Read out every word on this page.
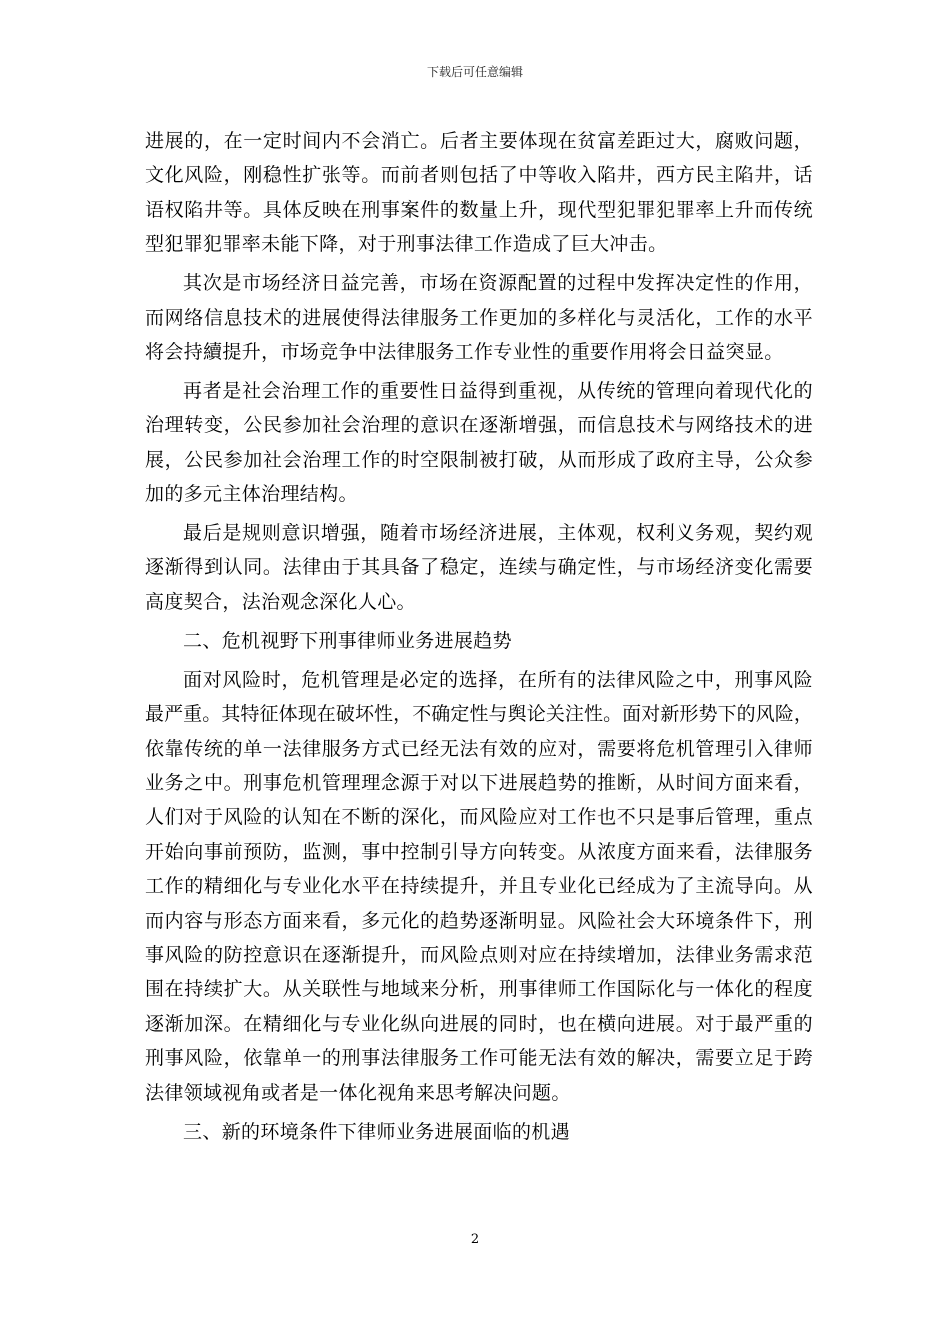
下载后可任意编辑
进展的，在一定时间内不会消亡。后者主要体现在贫富差距过大，腐败问题，
文化风险，刚稳性扩张等。而前者则包括了中等收入陷井，西方民主陷井，话
语权陷井等。具体反映在刑事案件的数量上升，现代型犯罪犯罪率上升而传统
型犯罪犯罪率未能下降，对于刑事法律工作造成了巨大冲击。
其次是市场经济日益完善，市场在资源配置的过程中发挥决定性的作用，
而网络信息技术的进展使得法律服务工作更加的多样化与灵活化，工作的水平
将会持續提升，市场竞争中法律服务工作专业性的重要作用将会日益突显。
再者是社会治理工作的重要性日益得到重视，从传统的管理向着现代化的
治理转变，公民参加社会治理的意识在逐渐增强，而信息技术与网络技术的进
展，公民参加社会治理工作的时空限制被打破，从而形成了政府主导，公众参
加的多元主体治理结构。
最后是规则意识增强，随着市场经济进展，主体观，权利义务观，契约观
逐渐得到认同。法律由于其具备了稳定，连续与确定性，与市场经济变化需要
高度契合，法治观念深化人心。
二、危机视野下刑事律师业务进展趋势
面对风险时，危机管理是必定的选择，在所有的法律风险之中，刑事风险
最严重。其特征体现在破坏性，不确定性与舆论关注性。面对新形势下的风险，
依靠传统的单一法律服务方式已经无法有效的应对，需要将危机管理引入律师
业务之中。刑事危机管理理念源于对以下进展趋势的推断，从时间方面来看，
人们对于风险的认知在不断的深化，而风险应对工作也不只是事后管理，重点
开始向事前预防，监测，事中控制引导方向转变。从浓度方面来看，法律服务
工作的精细化与专业化水平在持续提升，并且专业化已经成为了主流导向。从
而内容与形态方面来看，多元化的趋势逐渐明显。风险社会大环境条件下，刑
事风险的防控意识在逐渐提升，而风险点则对应在持续增加，法律业务需求范
围在持续扩大。从关联性与地域来分析，刑事律师工作国际化与一体化的程度
逐渐加深。在精细化与专业化纵向进展的同时，也在横向进展。对于最严重的
刑事风险，依靠单一的刑事法律服务工作可能无法有效的解决，需要立足于跨
法律领域视角或者是一体化视角来思考解决问题。
三、新的环境条件下律师业务进展面临的机遇
2
